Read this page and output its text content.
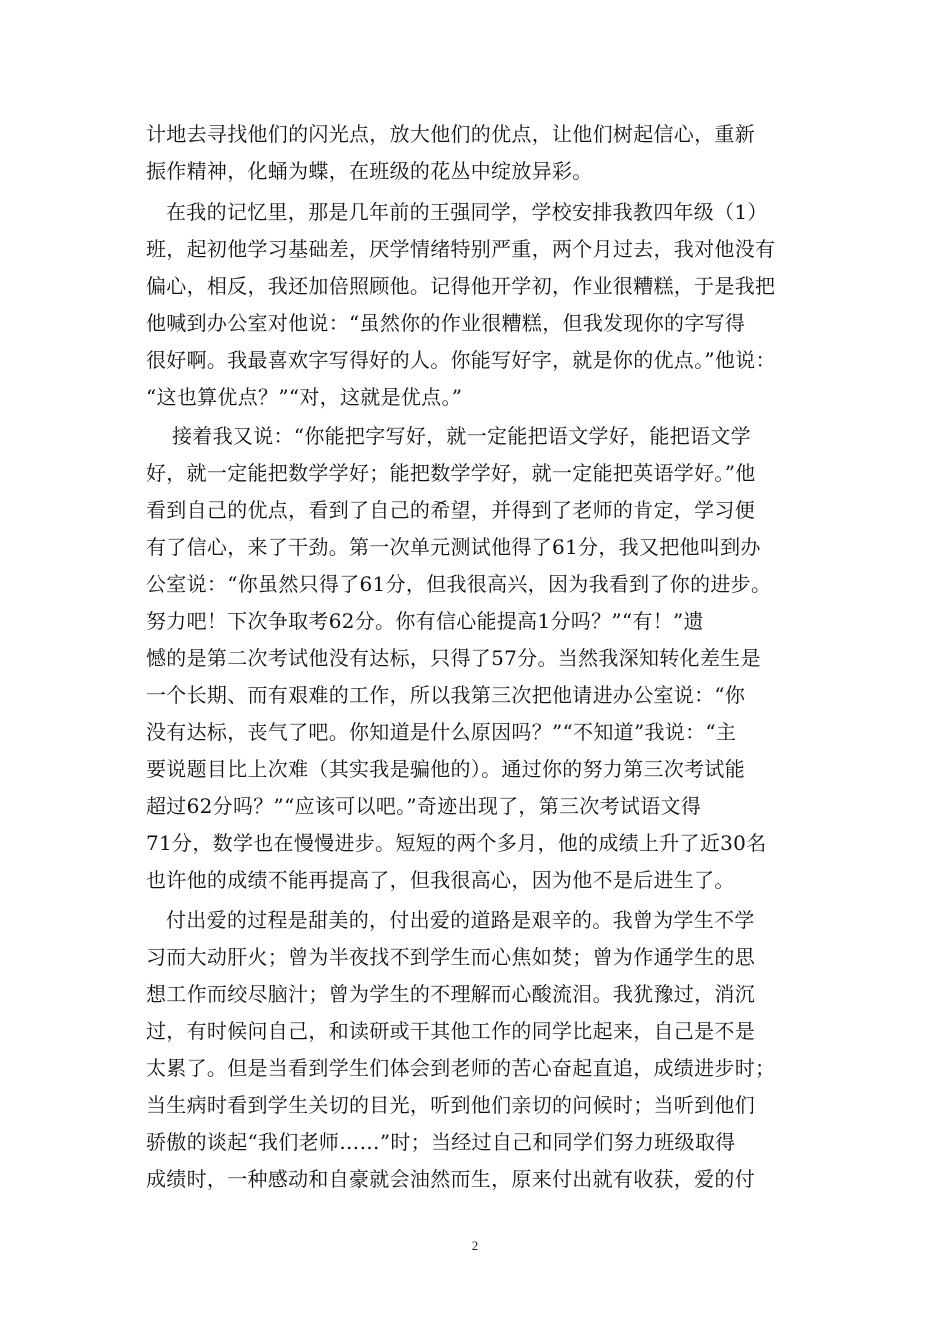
计地去寻找他们的闪光点，放大他们的优点，让他们树起信心，重新
振作精神，化蛹为蝶，在班级的花丛中绽放异彩。
在我的记忆里，那是几年前的王强同学，学校安排我教四年级（1）
班，起初他学习基础差，厌学情绪特别严重，两个月过去，我对他没有
偏心，相反，我还加倍照顾他。记得他开学初，作业很糟糕，于是我把
他喊到办公室对他说：“虽然你的作业很糟糕，但我发现你的字写得
很好啊。我最喜欢字写得好的人。你能写好字，就是你的优点。”他说：
“这也算优点？”“对，这就是优点。”
接着我又说：“你能把字写好，就一定能把语文学好，能把语文学
好，就一定能把数学学好；能把数学学好，就一定能把英语学好。”他
看到自己的优点，看到了自己的希望，并得到了老师的肯定，学习便
有了信心，来了干劲。第一次单元测试他得了61分，我又把他叫到办
公室说：“你虽然只得了61分，但我很高兴，因为我看到了你的进步。
努力吧！下次争取考62分。你有信心能提高1分吗？”“有！”遗
憾的是第二次考试他没有达标，只得了57分。当然我深知转化差生是
一个长期、而有艰难的工作，所以我第三次把他请进办公室说：“你
没有达标，丧气了吧。你知道是什么原因吗？”“不知道”我说：“主
要说题目比上次难（其实我是骗他的）。通过你的努力第三次考试能
超过62分吗？”“应该可以吧。”奇迹出现了，第三次考试语文得
71分，数学也在慢慢进步。短短的两个多月，他的成绩上升了近30名
也许他的成绩不能再提高了，但我很高心，因为他不是后进生了。
付出爱的过程是甜美的，付出爱的道路是艰辛的。我曾为学生不学
习而大动肝火；曾为半夜找不到学生而心焦如焚；曾为作通学生的思
想工作而绞尽脑汁；曾为学生的不理解而心酸流泪。我犹豫过，消沉
过，有时候问自己，和读研或干其他工作的同学比起来，自己是不是
太累了。但是当看到学生们体会到老师的苦心奋起直追，成绩进步时；
当生病时看到学生关切的目光，听到他们亲切的问候时；当听到他们
骄傲的谈起“我们老师……”时；当经过自己和同学们努力班级取得
成绩时，一种感动和自豪就会油然而生，原来付出就有收获，爱的付
2
